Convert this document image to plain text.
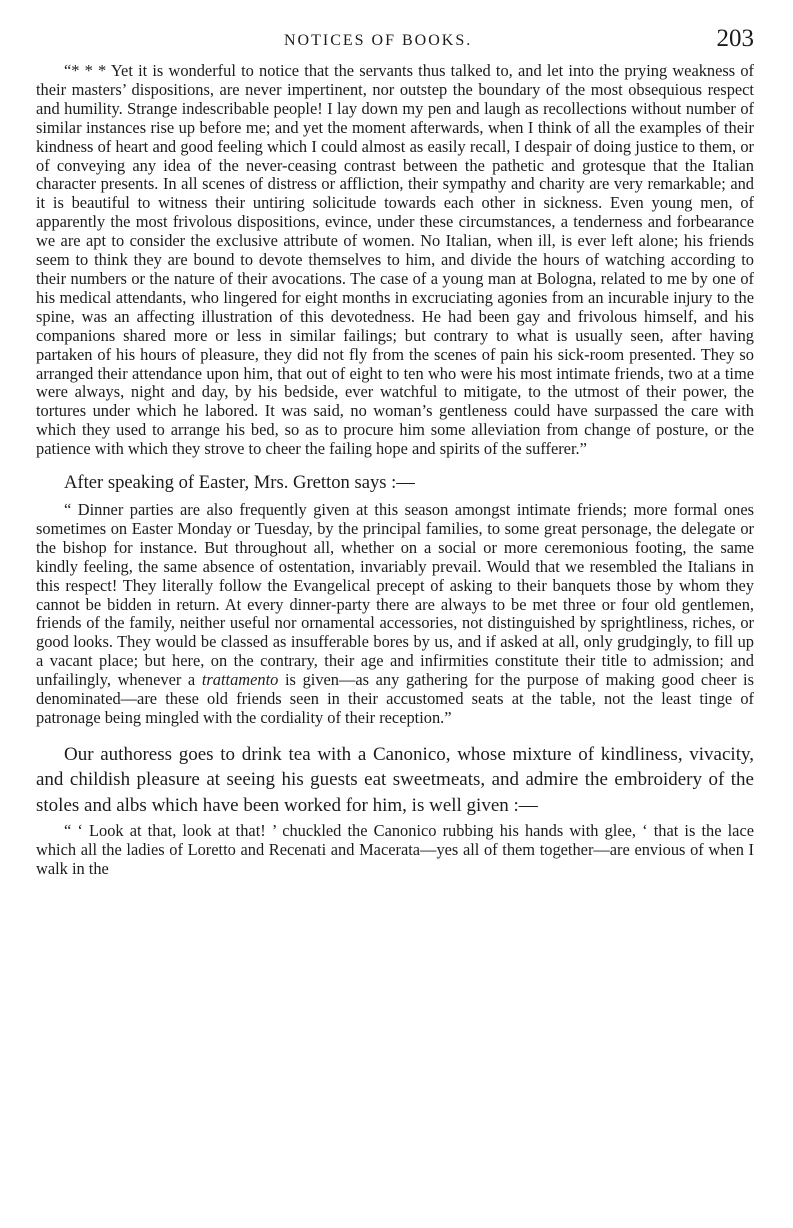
NOTICES OF BOOKS.	203

“* * * Yet it is wonderful to notice that the servants thus talked to, and let into the prying weakness of their masters’ dispositions, are never impertinent, nor outstep the boundary of the most obsequious respect and humility. Strange indescribable people! I lay down my pen and laugh as recollections without number of similar instances rise up before me; and yet the moment afterwards, when I think of all the examples of their kindness of heart and good feeling which I could almost as easily recall, I despair of doing justice to them, or of conveying any idea of the never-ceasing contrast between the pathetic and grotesque that the Italian character presents. In all scenes of distress or affliction, their sympathy and charity are very remarkable; and it is beautiful to witness their untiring solicitude towards each other in sickness. Even young men, of apparently the most frivolous dispositions, evince, under these circumstances, a tenderness and forbearance we are apt to consider the exclusive attribute of women. No Italian, when ill, is ever left alone; his friends seem to think they are bound to devote themselves to him, and divide the hours of watching according to their numbers or the nature of their avocations. The case of a young man at Bologna, related to me by one of his medical attendants, who lingered for eight months in excruciating agonies from an incurable injury to the spine, was an affecting illustration of this devotedness. He had been gay and frivolous himself, and his companions shared more or less in similar failings; but contrary to what is usually seen, after having partaken of his hours of pleasure, they did not fly from the scenes of pain his sick-room presented. They so arranged their attendance upon him, that out of eight to ten who were his most intimate friends, two at a time were always, night and day, by his bedside, ever watchful to mitigate, to the utmost of their power, the tortures under which he labored. It was said, no woman’s gentleness could have surpassed the care with which they used to arrange his bed, so as to procure him some alleviation from change of posture, or the patience with which they strove to cheer the failing hope and spirits of the sufferer.”

After speaking of Easter, Mrs. Gretton says :—

“ Dinner parties are also frequently given at this season amongst intimate friends; more formal ones sometimes on Easter Monday or Tuesday, by the principal families, to some great personage, the delegate or the bishop for instance. But throughout all, whether on a social or more ceremonious footing, the same kindly feeling, the same absence of ostentation, invariably prevail. Would that we resembled the Italians in this respect! They literally follow the Evangelical precept of asking to their banquets those by whom they cannot be bidden in return. At every dinner-party there are always to be met three or four old gentlemen, friends of the family, neither useful nor ornamental accessories, not distinguished by sprightliness, riches, or good looks. They would be classed as insufferable bores by us, and if asked at all, only grudgingly, to fill up a vacant place; but here, on the contrary, their age and infirmities constitute their title to admission; and unfailingly, whenever a trattamento is given—as any gathering for the purpose of making good cheer is denominated—are these old friends seen in their accustomed seats at the table, not the least tinge of patronage being mingled with the cordiality of their reception.”

Our authoress goes to drink tea with a Canonico, whose mixture of kindliness, vivacity, and childish pleasure at seeing his guests eat sweetmeats, and admire the embroidery of the stoles and albs which have been worked for him, is well given :—

“ ‘ Look at that, look at that! ’ chuckled the Canonico rubbing his hands with glee, ‘ that is the lace which all the ladies of Loretto and Recenati and Macerata—yes all of them together—are envious of when I walk in the
